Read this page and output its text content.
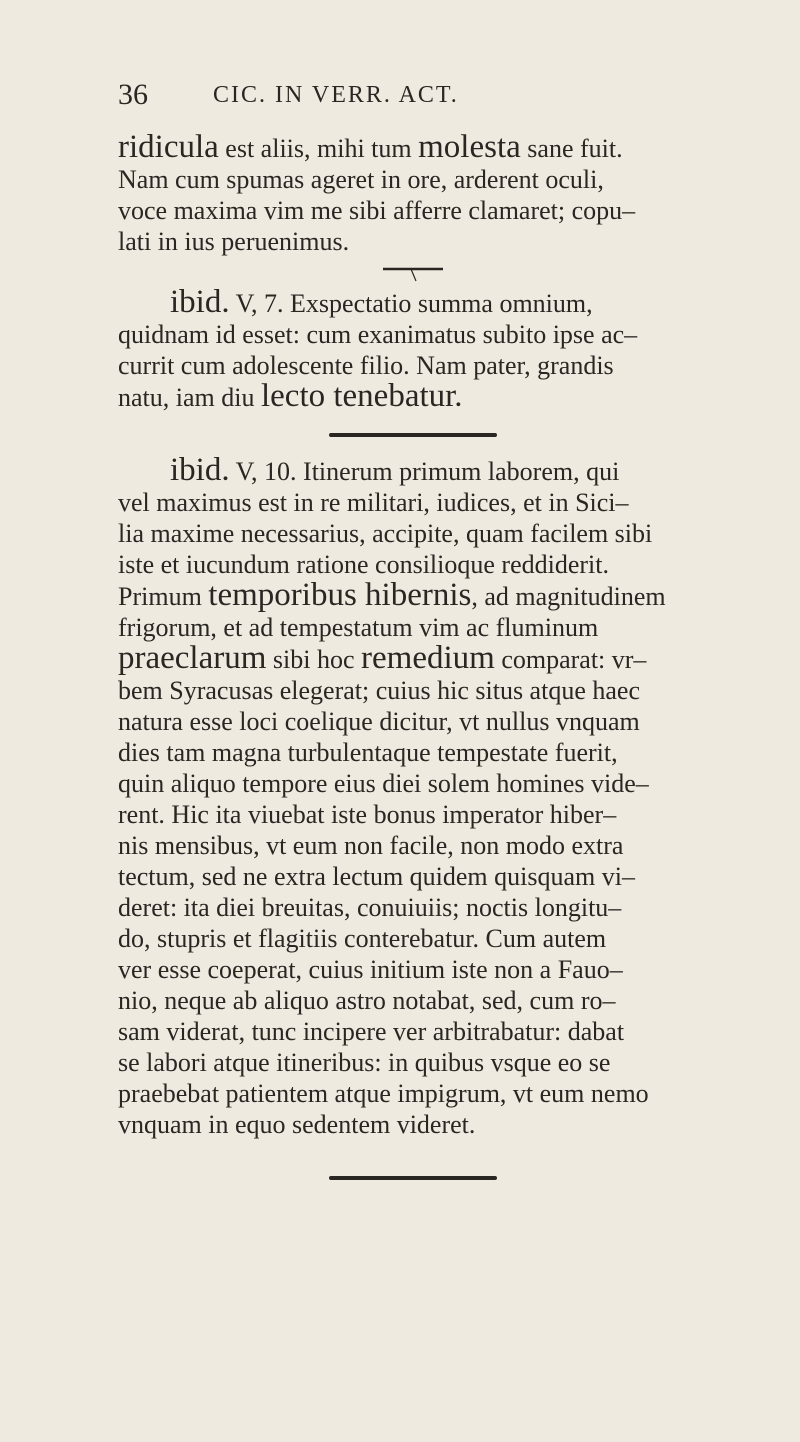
36	CIC. IN VERR. ACT.
ridicula est aliis, mihi tum molesta sane fuit.
Nam cum spumas ageret in ore, arderent oculi,
voce maxima vim me sibi afferre clamaret; copu–
lati in ius peruenimus.
ibid. V, 7. Exspectatio summa omnium,
quidnam id esset: cum exanimatus subito ipse ac–
currit cum adolescente filio. Nam pater, grandis
natu, iam diu lecto tenebatur.
ibid. V, 10. Itinerum primum laborem, qui
vel maximus est in re militari, iudices, et in Sici–
lia maxime necessarius, accipite, quam facilem sibi
iste et iucundum ratione consilioque reddiderit.
Primum temporibus hibernis, ad magnitudinem
frigorum, et ad tempestatum vim ac fluminum
praeclarum sibi hoc remedium comparat: vr–
bem Syracusas elegerat; cuius hic situs atque haec
natura esse loci coelique dicitur, vt nullus vnquam
dies tam magna turbulentaque tempestate fuerit,
quin aliquo tempore eius diei solem homines vide–
rent. Hic ita viuebat iste bonus imperator hiber–
nis mensibus, vt eum non facile, non modo extra
tectum, sed ne extra lectum quidem quisquam vi–
deret: ita diei breuitas, conuiuiis; noctis longitu–
do, stupris et flagitiis conterebatur. Cum autem
ver esse coeperat, cuius initium iste non a Fauo–
nio, neque ab aliquo astro notabat, sed, cum ro–
sam viderat, tunc incipere ver arbitrabatur: dabat
se labori atque itineribus: in quibus vsque eo se
praebebat patientem atque impigrum, vt eum nemo
vnquam in equo sedentem videret.
